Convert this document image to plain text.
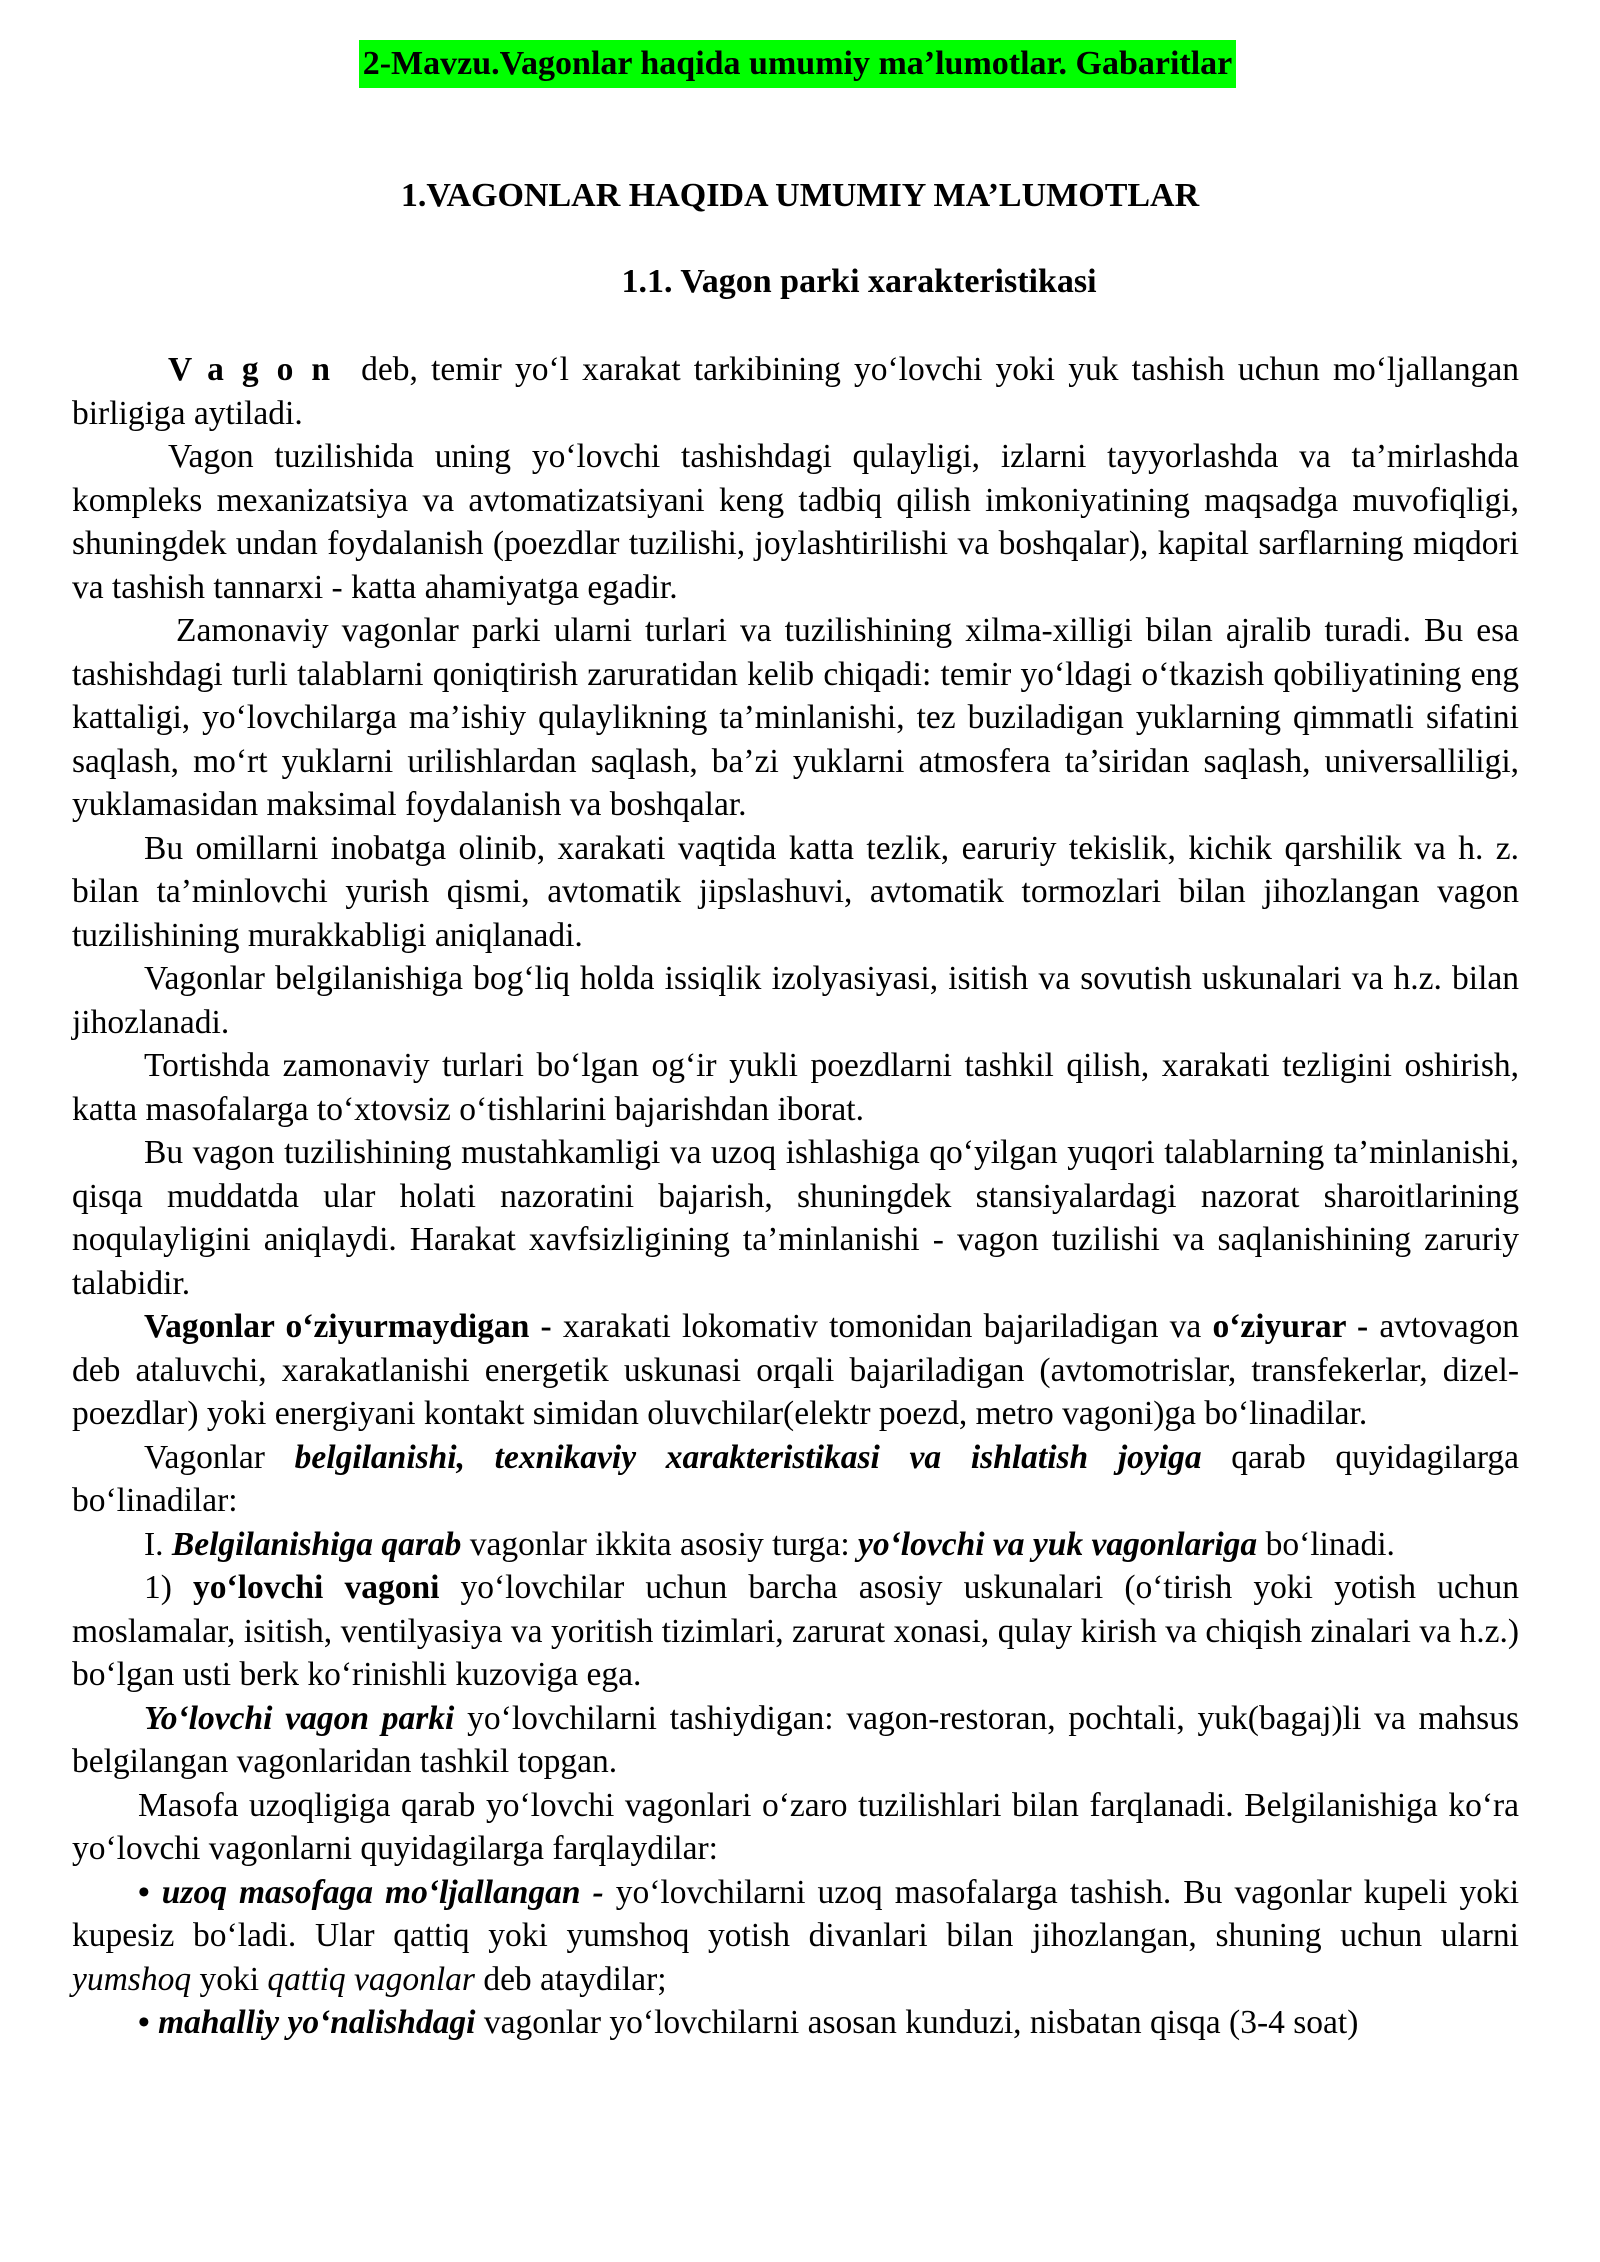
2-Mavzu.Vagonlar haqida umumiy ma’lumotlar. Gabaritlar
1.VAGONLAR HAQIDA UMUMIY MA’LUMOTLAR
1.1. Vagon parki xarakteristikasi

Vagon deb, temir yo‘l xarakat tarkibining yo‘lovchi yoki yuk tashish uchun mo‘ljallangan birligiga aytiladi.

Vagon tuzilishida uning yo‘lovchi tashishdagi qulayligi, izlarni tayyorlashda va ta’mirlashda kompleks mexanizatsiya va avtomatizatsiyani keng tadbiq qilish imkoniyatining maqsadga muvofiqligi, shuningdek undan foydalanish (poezdlar tuzilishi, joylashtirilishi va boshqalar), kapital sarflarning miqdori va tashish tannarxi - katta ahamiyatga egadir.

Zamonaviy vagonlar parki ularni turlari va tuzilishining xilma-xilligi bilan ajralib turadi. Bu esa tashishdagi turli talablarni qoniqtirish zaruratidan kelib chiqadi: temir yo‘ldagi o‘tkazish qobiliyatining eng kattaligi, yo‘lovchilarga ma’ishiy qulaylikning ta’minlanishi, tez buziladigan yuklarning qimmatli sifatini saqlash, mo‘rt yuklarni urilishlardan saqlash, ba’zi yuklarni atmosfera ta’siridan saqlash, universalliligi, yuklamasidan maksimal foydalanish va boshqalar.

Bu omillarni inobatga olinib, xarakati vaqtida katta tezlik, earuriy tekislik, kichik qarshilik va h. z. bilan ta’minlovchi yurish qismi, avtomatik jipslashuvi, avtomatik tormozlari bilan jihozlangan vagon tuzilishining murakkabligi aniqlanadi.

Vagonlar belgilanishiga bog‘liq holda issiqlik izolyasiyasi, isitish va sovutish uskunalari va h.z. bilan jihozlanadi.

Tortishda zamonaviy turlari bo‘lgan og‘ir yukli poezdlarni tashkil qilish, xarakati tezligini oshirish, katta masofalarga to‘xtovsiz o‘tishlarini bajarishdan iborat.

Bu vagon tuzilishining mustahkamligi va uzoq ishlashiga qo‘yilgan yuqori talablarning ta’minlanishi, qisqa muddatda ular holati nazoratini bajarish, shuningdek stansiyalardagi nazorat sharoitlarining noqulayligini aniqlaydi. Harakat xavfsizligining ta’minlanishi - vagon tuzilishi va saqlanishining zaruriy talabidir.

Vagonlar o‘ziyurmaydigan - xarakati lokomativ tomonidan bajariladigan va o‘ziyurar - avtovagon deb ataluvchi, xarakatlanishi energetik uskunasi orqali bajariladigan (avtomotrislar, transfekerlar, dizel-poezdlar) yoki energiyani kontakt simidan oluvchilar(elektr poezd, metro vagoni)ga bo‘linadilar.

Vagonlar belgilanishi, texnikaviy xarakteristikasi va ishlatish joyiga qarab quyidagilarga bo‘linadilar:

I. Belgilanishiga qarab vagonlar ikkita asosiy turga: yo‘lovchi va yuk vagonlariga bo‘linadi.

1) yo‘lovchi vagoni yo‘lovchilar uchun barcha asosiy uskunalari (o‘tirish yoki yotish uchun moslamalar, isitish, ventilyasiya va yoritish tizimlari, zarurat xonasi, qulay kirish va chiqish zinalari va h.z.) bo‘lgan usti berk ko‘rinishli kuzoviga ega.

Yo‘lovchi vagon parki yo‘lovchilarni tashiydigan: vagon-restoran, pochtali, yuk(bagaj)li va mahsus belgilangan vagonlaridan tashkil topgan.

Masofa uzoqligiga qarab yo‘lovchi vagonlari o‘zaro tuzilishlari bilan farqlanadi. Belgilanishiga ko‘ra yo‘lovchi vagonlarni quyidagilarga farqlaydilar:

• uzoq masofaga mo‘ljallangan - yo‘lovchilarni uzoq masofalarga tashish. Bu vagonlar kupeli yoki kupesiz bo‘ladi. Ular qattiq yoki yumshoq yotish divanlari bilan jihozlangan, shuning uchun ularni yumshoq yoki qattiq vagonlar deb ataydilar;

• mahalliy yo‘nalishdagi vagonlar yo‘lovchilarni asosan kunduzi, nisbatan qisqa (3-4 soat)
